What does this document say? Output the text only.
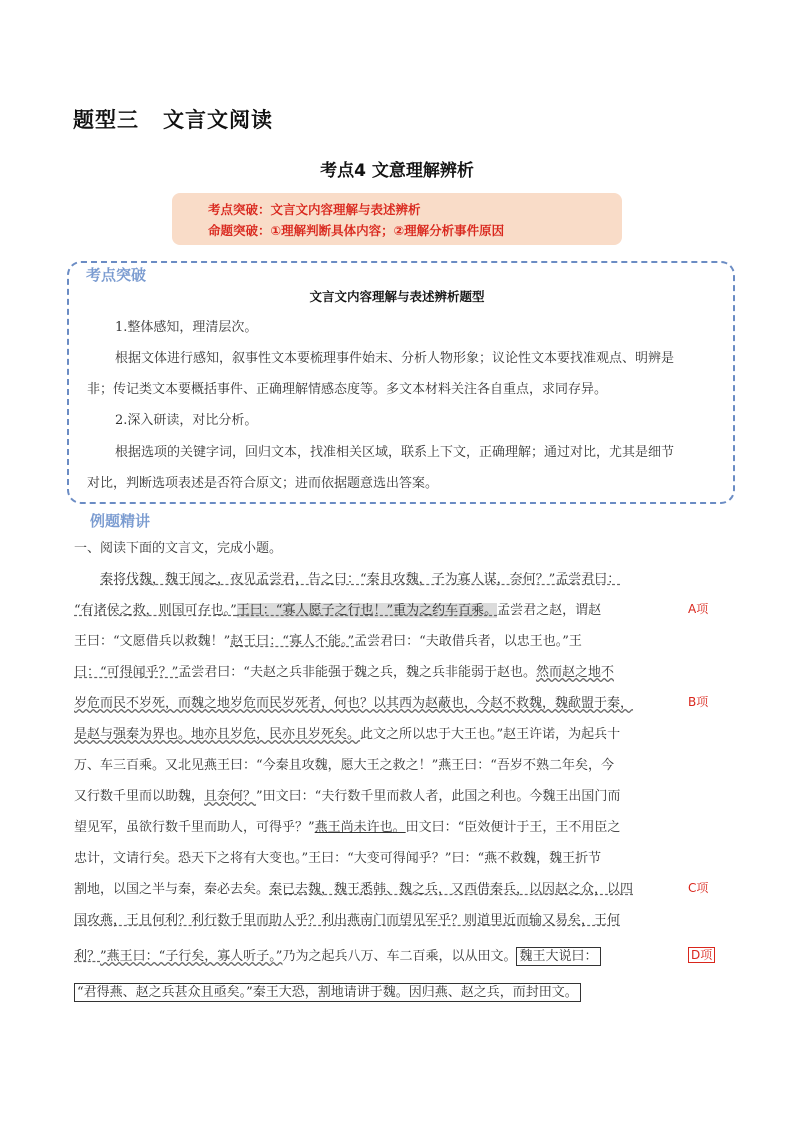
题型三 文言文阅读
考点4 文意理解辨析
考点突破：文言文内容理解与表述辨析
命题突破：①理解判断具体内容；②理解分析事件原因
考点突破
文言文内容理解与表述辨析题型
1.整体感知，理清层次。
根据文体进行感知，叙事性文本要梳理事件始末、分析人物形象；议论性文本要找准观点、明辨是
非；传记类文本要概括事件、正确理解情感态度等。多文本材料关注各自重点，求同存异。
2.深入研读，对比分析。
根据选项的关键字词，回归文本，找准相关区域，联系上下文，正确理解；通过对比，尤其是细节
对比，判断选项表述是否符合原文；进而依据题意选出答案。
例题精讲
一、阅读下面的文言文，完成小题。
秦将伐魏，魏王闻之，夜见孟尝君，告之曰：“秦且攻魏，子为寡人谋，奈何？”孟尝君曰：
“有诸侯之救，则国可存也。”王曰：“寡人愿子之行也！”重为之约车百乘。孟尝君之赵，谓赵	A项
王曰：“文愿借兵以救魏！”赵王曰：“寡人不能。”孟尝君曰：“夫敢借兵者，以忠王也。”王
曰：“可得闻乎？”孟尝君曰：“夫赵之兵非能强于魏之兵，魏之兵非能弱于赵也。然而赵之地不
岁危而民不岁死，而魏之地岁危而民岁死者，何也？以其西为赵蔽也，今赵不救魏，魏歃盟于秦，	B项
是赵与强秦为界也。地亦且岁危，民亦且岁死矣。此文之所以忠于大王也。”赵王许诺，为起兵十
万、车三百乘。又北见燕王曰：“今秦且攻魏，愿大王之救之！”燕王曰：“吾岁不熟二年矣，今
又行数千里而以助魏，且奈何？”田文曰：“夫行数千里而救人者，此国之利也。今魏王出国门而
望见军，虽欲行数千里而助人，可得乎？”燕王尚未许也。田文曰：“臣效便计于王，王不用臣之
忠计，文请行矣。恐天下之将有大变也。”王曰：“大变可得闻乎？”曰：“燕不救魏，魏王折节
割地，以国之半与秦，秦必去矣。秦已去魏，魏王悉韩、魏之兵，又西借秦兵，以因赵之众，以四	C项
国攻燕，王且何利？利行数千里而助人乎？利出燕南门而望见军乎？则道里近而输又易矣，王何
利？”燕王曰：“子行矣，寡人听子。”乃为之起兵八万、车二百乘，以从田文。 魏王大说曰：	D项
“君得燕、赵之兵甚众且亟矣。”秦王大恐，割地请讲于魏。因归燕、赵之兵，而封田文。
